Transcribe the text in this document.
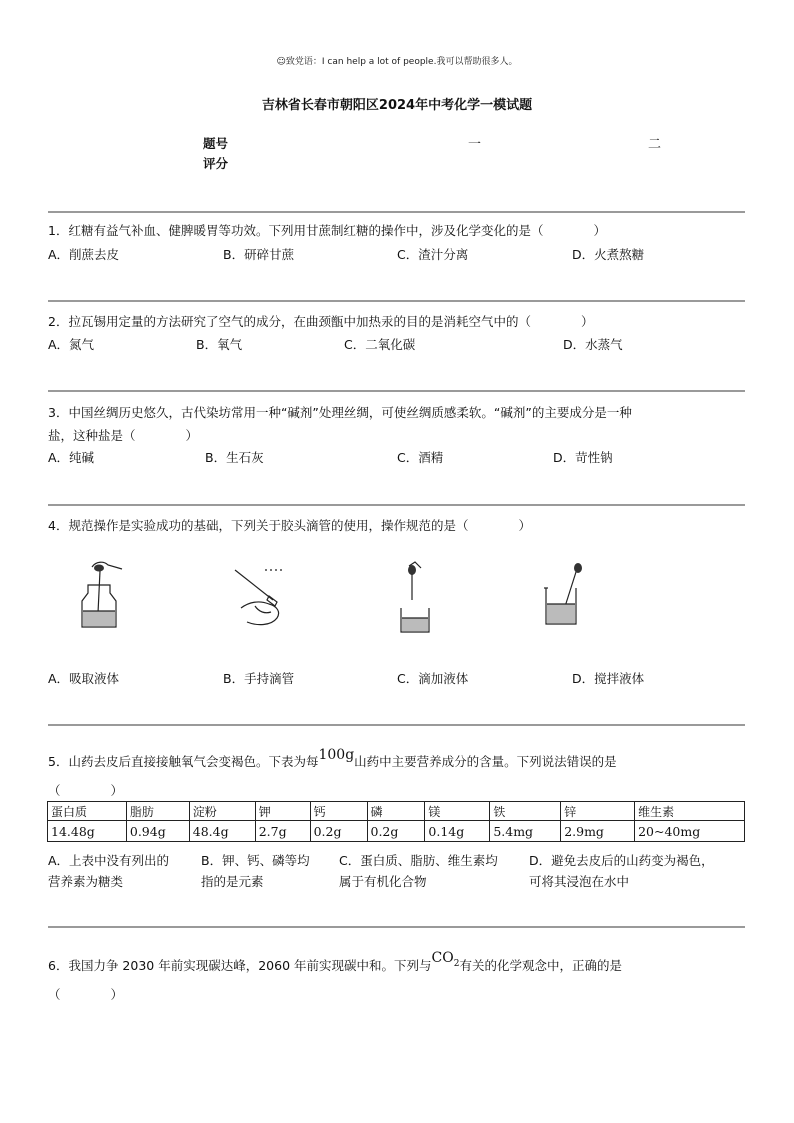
☺致党语：I can help a lot of people.我可以帮助很多人。
吉林省长春市朝阳区2024年中考化学一模试题
题号
评分
一	二
1．红糖有益气补血、健脾暖胃等功效。下列用甘蔗制红糖的操作中，涉及化学变化的是（　　　　）
A．削蔗去皮	B．研碎甘蔗	C．渣汁分离	D．火煮熬糖
2．拉瓦锡用定量的方法研究了空气的成分，在曲颈甑中加热汞的目的是消耗空气中的（　　　　）
A．氮气	B．氧气	C．二氧化碳	D．水蒸气
3．中国丝绸历史悠久，古代染坊常用一种“碱剂”处理丝绸，可使丝绸质感柔软。“碱剂”的主要成分是一种
盐，这种盐是（　　　　）
A．纯碱	B．生石灰	C．酒精	D．苛性钠
4．规范操作是实验成功的基础，下列关于胶头滴管的使用，操作规范的是（　　　　）
A．吸取液体	B．手持滴管	C．滴加液体	D．搅拌液体
5．山药去皮后直接接触氧气会变褐色。下表为每100g山药中主要营养成分的含量。下列说法错误的是
（　　　　）
蛋白质	脂肪	淀粉	钾	钙	磷	镁	铁	锌	维生素
14.48g	0.94g	48.4g	2.7g	0.2g	0.2g	0.14g	5.4mg	2.9mg	20~40mg
A．上表中没有列出的
营养素为糖类
B．钾、钙、磷等均
指的是元素
C．蛋白质、脂肪、维生素均
属于有机化合物
D．避免去皮后的山药变为褐色，
可将其浸泡在水中
6．我国力争 2030 年前实现碳达峰，2060 年前实现碳中和。下列与$CO_2$有关的化学观念中，正确的是
（　　　　）
